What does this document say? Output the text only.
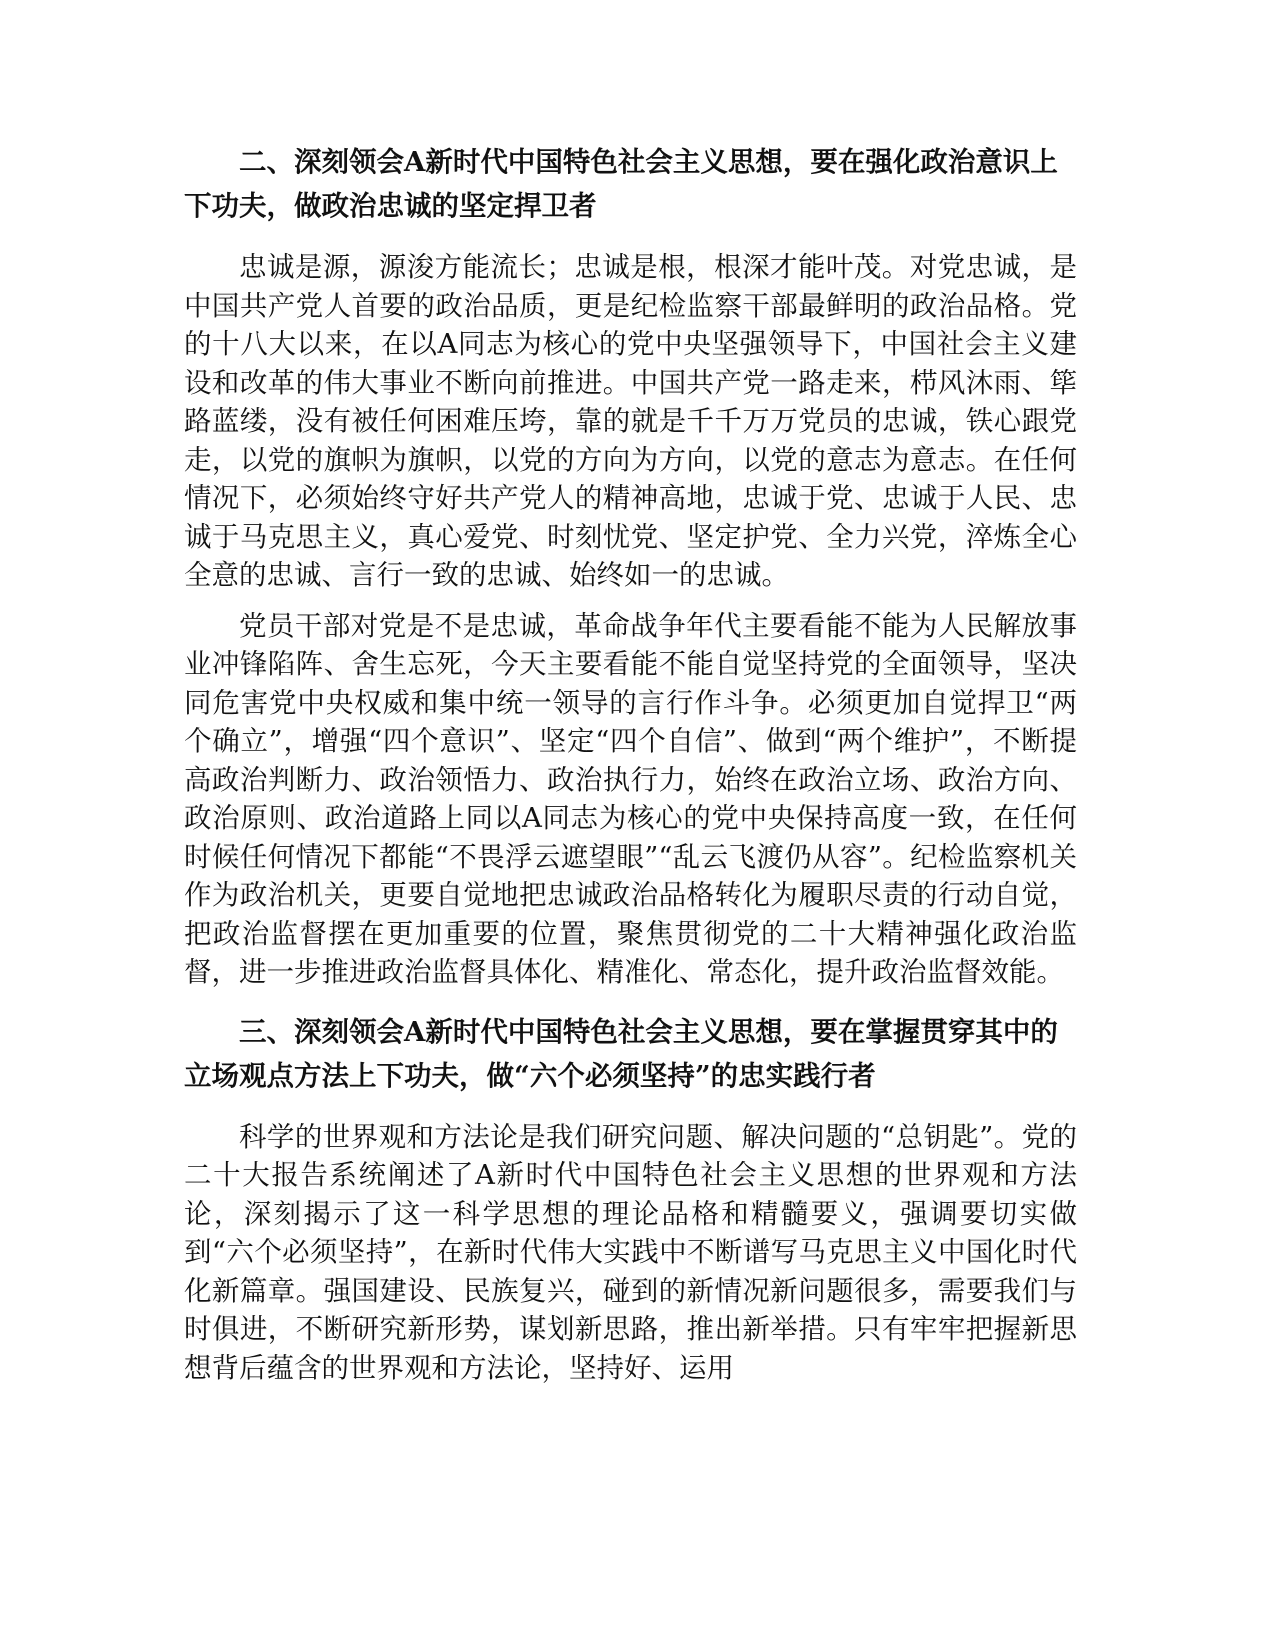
二、深刻领会A新时代中国特色社会主义思想，要在强化政治意识上下功夫，做政治忠诚的坚定捍卫者

忠诚是源，源浚方能流长；忠诚是根，根深才能叶茂。对党忠诚，是中国共产党人首要的政治品质，更是纪检监察干部最鲜明的政治品格。党的十八大以来，在以A同志为核心的党中央坚强领导下，中国社会主义建设和改革的伟大事业不断向前推进。中国共产党一路走来，栉风沐雨、筚路蓝缕，没有被任何困难压垮，靠的就是千千万万党员的忠诚，铁心跟党走，以党的旗帜为旗帜，以党的方向为方向，以党的意志为意志。在任何情况下，必须始终守好共产党人的精神高地，忠诚于党、忠诚于人民、忠诚于马克思主义，真心爱党、时刻忧党、坚定护党、全力兴党，淬炼全心全意的忠诚、言行一致的忠诚、始终如一的忠诚。

党员干部对党是不是忠诚，革命战争年代主要看能不能为人民解放事业冲锋陷阵、舍生忘死，今天主要看能不能自觉坚持党的全面领导，坚决同危害党中央权威和集中统一领导的言行作斗争。必须更加自觉捍卫“两个确立”，增强“四个意识”、坚定“四个自信”、做到“两个维护”，不断提高政治判断力、政治领悟力、政治执行力，始终在政治立场、政治方向、政治原则、政治道路上同以A同志为核心的党中央保持高度一致，在任何时候任何情况下都能“不畏浮云遮望眼”“乱云飞渡仍从容”。纪检监察机关作为政治机关，更要自觉地把忠诚政治品格转化为履职尽责的行动自觉，把政治监督摆在更加重要的位置，聚焦贯彻党的二十大精神强化政治监督，进一步推进政治监督具体化、精准化、常态化，提升政治监督效能。

三、深刻领会A新时代中国特色社会主义思想，要在掌握贯穿其中的立场观点方法上下功夫，做“六个必须坚持”的忠实践行者

科学的世界观和方法论是我们研究问题、解决问题的“总钥匙”。党的二十大报告系统阐述了A新时代中国特色社会主义思想的世界观和方法论，深刻揭示了这一科学思想的理论品格和精髓要义，强调要切实做到“六个必须坚持”，在新时代伟大实践中不断谱写马克思主义中国化时代化新篇章。强国建设、民族复兴，碰到的新情况新问题很多，需要我们与时俱进，不断研究新形势，谋划新思路，推出新举措。只有牢牢把握新思想背后蕴含的世界观和方法论，坚持好、运用
